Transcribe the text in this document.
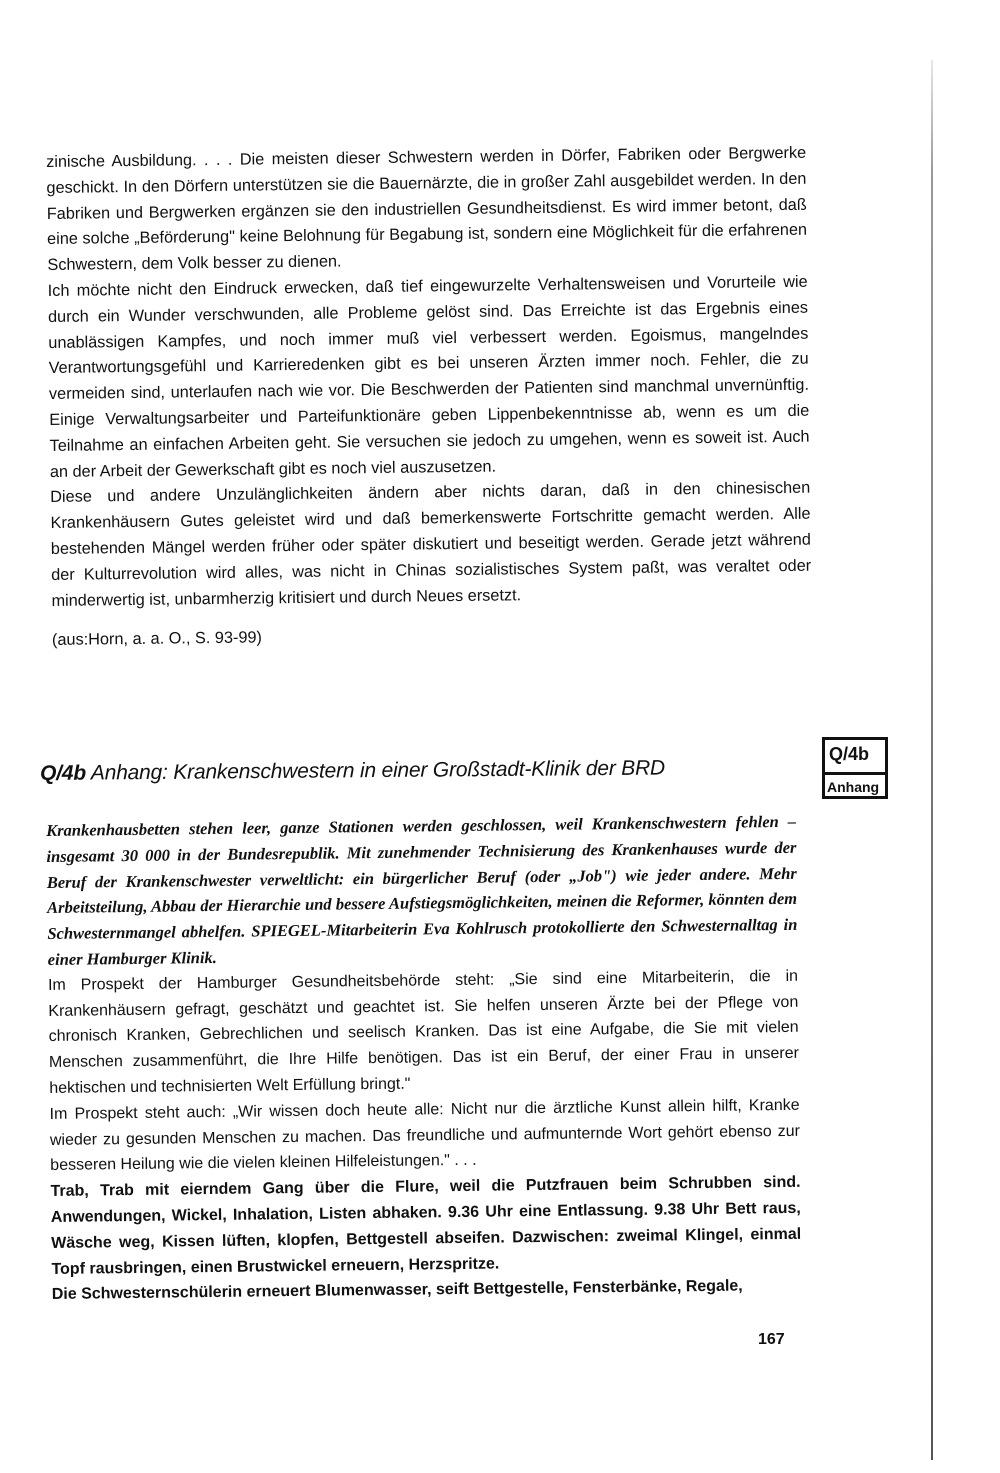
zinische Ausbildung. . . . Die meisten dieser Schwestern werden in Dörfer, Fabriken oder Bergwerke geschickt. In den Dörfern unterstützen sie die Bauernärzte, die in großer Zahl ausgebildet werden. In den Fabriken und Bergwerken ergänzen sie den industriellen Gesundheitsdienst. Es wird immer betont, daß eine solche „Beförderung" keine Belohnung für Begabung ist, sondern eine Möglichkeit für die erfahrenen Schwestern, dem Volk besser zu dienen.

Ich möchte nicht den Eindruck erwecken, daß tief eingewurzelte Verhaltensweisen und Vorurteile wie durch ein Wunder verschwunden, alle Probleme gelöst sind. Das Erreichte ist das Ergebnis eines unablässigen Kampfes, und noch immer muß viel verbessert werden. Egoismus, mangelndes Verantwortungsgefühl und Karrieredenken gibt es bei unseren Ärzten immer noch. Fehler, die zu vermeiden sind, unterlaufen nach wie vor. Die Beschwerden der Patienten sind manchmal unvernünftig. Einige Verwaltungsarbeiter und Parteifunktionäre geben Lippenbekenntnisse ab, wenn es um die Teilnahme an einfachen Arbeiten geht. Sie versuchen sie jedoch zu umgehen, wenn es soweit ist. Auch an der Arbeit der Gewerkschaft gibt es noch viel auszusetzen.

Diese und andere Unzulänglichkeiten ändern aber nichts daran, daß in den chinesischen Krankenhäusern Gutes geleistet wird und daß bemerkenswerte Fortschritte gemacht werden. Alle bestehenden Mängel werden früher oder später diskutiert und beseitigt werden. Gerade jetzt während der Kulturrevolution wird alles, was nicht in Chinas sozialistisches System paßt, was veraltet oder minderwertig ist, unbarmherzig kritisiert und durch Neues ersetzt.

(aus:Horn, a. a. O., S. 93-99)

Q/4b Anhang: Krankenschwestern in einer Großstadt-Klinik der BRD
Q/4b
Anhang

Krankenhausbetten stehen leer, ganze Stationen werden geschlossen, weil Krankenschwestern fehlen – insgesamt 30 000 in der Bundesrepublik. Mit zunehmender Technisierung des Krankenhauses wurde der Beruf der Krankenschwester verweltlicht: ein bürgerlicher Beruf (oder „Job") wie jeder andere. Mehr Arbeitsteilung, Abbau der Hierarchie und bessere Aufstiegsmöglichkeiten, meinen die Reformer, könnten dem Schwesternmangel abhelfen. SPIEGEL-Mitarbeiterin Eva Kohlrusch protokollierte den Schwesternalltag in einer Hamburger Klinik.

Im Prospekt der Hamburger Gesundheitsbehörde steht: „Sie sind eine Mitarbeiterin, die in Krankenhäusern gefragt, geschätzt und geachtet ist. Sie helfen unseren Ärzte bei der Pflege von chronisch Kranken, Gebrechlichen und seelisch Kranken. Das ist eine Aufgabe, die Sie mit vielen Menschen zusammenführt, die Ihre Hilfe benötigen. Das ist ein Beruf, der einer Frau in unserer hektischen und technisierten Welt Erfüllung bringt."

Im Prospekt steht auch: „Wir wissen doch heute alle: Nicht nur die ärztliche Kunst allein hilft, Kranke wieder zu gesunden Menschen zu machen. Das freundliche und aufmunternde Wort gehört ebenso zur besseren Heilung wie die vielen kleinen Hilfeleistungen." . . .

Trab, Trab mit eierndem Gang über die Flure, weil die Putzfrauen beim Schrubben sind. Anwendungen, Wickel, Inhalation, Listen abhaken. 9.36 Uhr eine Entlassung. 9.38 Uhr Bett raus, Wäsche weg, Kissen lüften, klopfen, Bettgestell abseifen. Dazwischen: zweimal Klingel, einmal Topf rausbringen, einen Brustwickel erneuern, Herzspritze.

Die Schwesternschülerin erneuert Blumenwasser, seift Bettgestelle, Fensterbänke, Regale,

167
